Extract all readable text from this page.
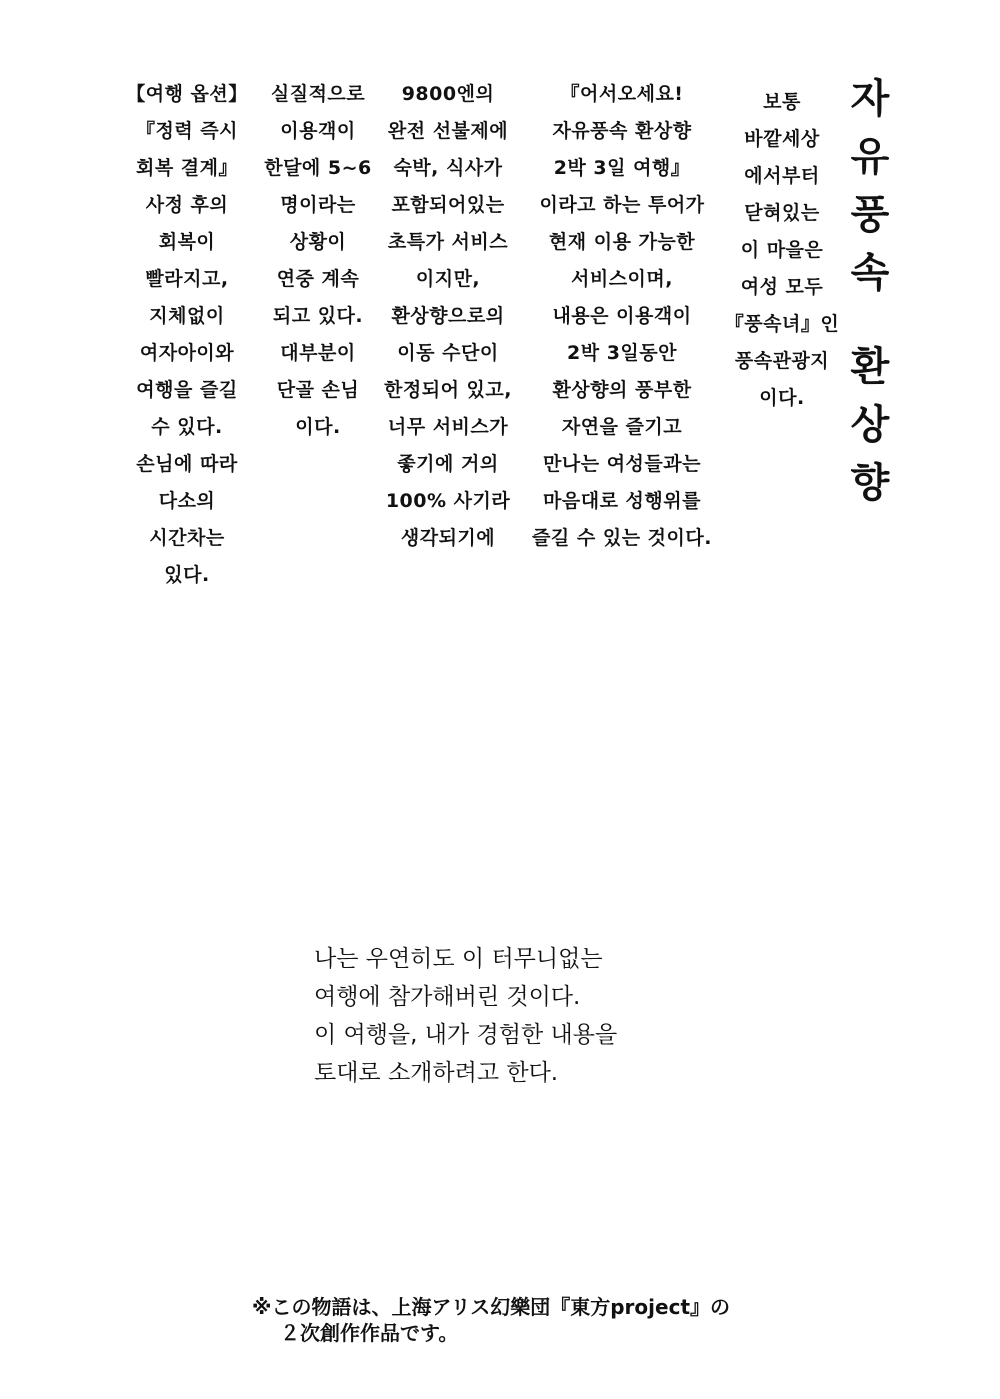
자
유
풍
속
환
상
향
보통
바깥세상
에서부터
닫혀있는
이 마을은
여성 모두
『풍속녀』인
풍속관광지
이다.
『어서오세요!
자유풍속 환상향
2박 3일 여행』
이라고 하는 투어가
현재 이용 가능한
서비스이며,
내용은 이용객이
2박 3일동안
환상향의 풍부한
자연을 즐기고
만나는 여성들과는
마음대로 성행위를
즐길 수 있는 것이다.
9800엔의
완전 선불제에
숙박, 식사가
포함되어있는
초특가 서비스
이지만,
환상향으로의
이동 수단이
한정되어 있고,
너무 서비스가
좋기에 거의
100% 사기라
생각되기에
실질적으로
이용객이
한달에 5~6
명이라는
상황이
연중 계속
되고 있다.
대부분이
단골 손님
이다.
【여행 옵션】
『정력 즉시
회복 결계』
사정 후의
회복이
빨라지고,
지체없이
여자아이와
여행을 즐길
수 있다.
손님에 따라
다소의
시간차는
있다.
나는 우연히도 이 터무니없는
여행에 참가해버린 것이다.
이 여행을, 내가 경험한 내용을
토대로 소개하려고 한다.
※この物語は、上海アリス幻樂団『東方project』の
２次創作作品です。
